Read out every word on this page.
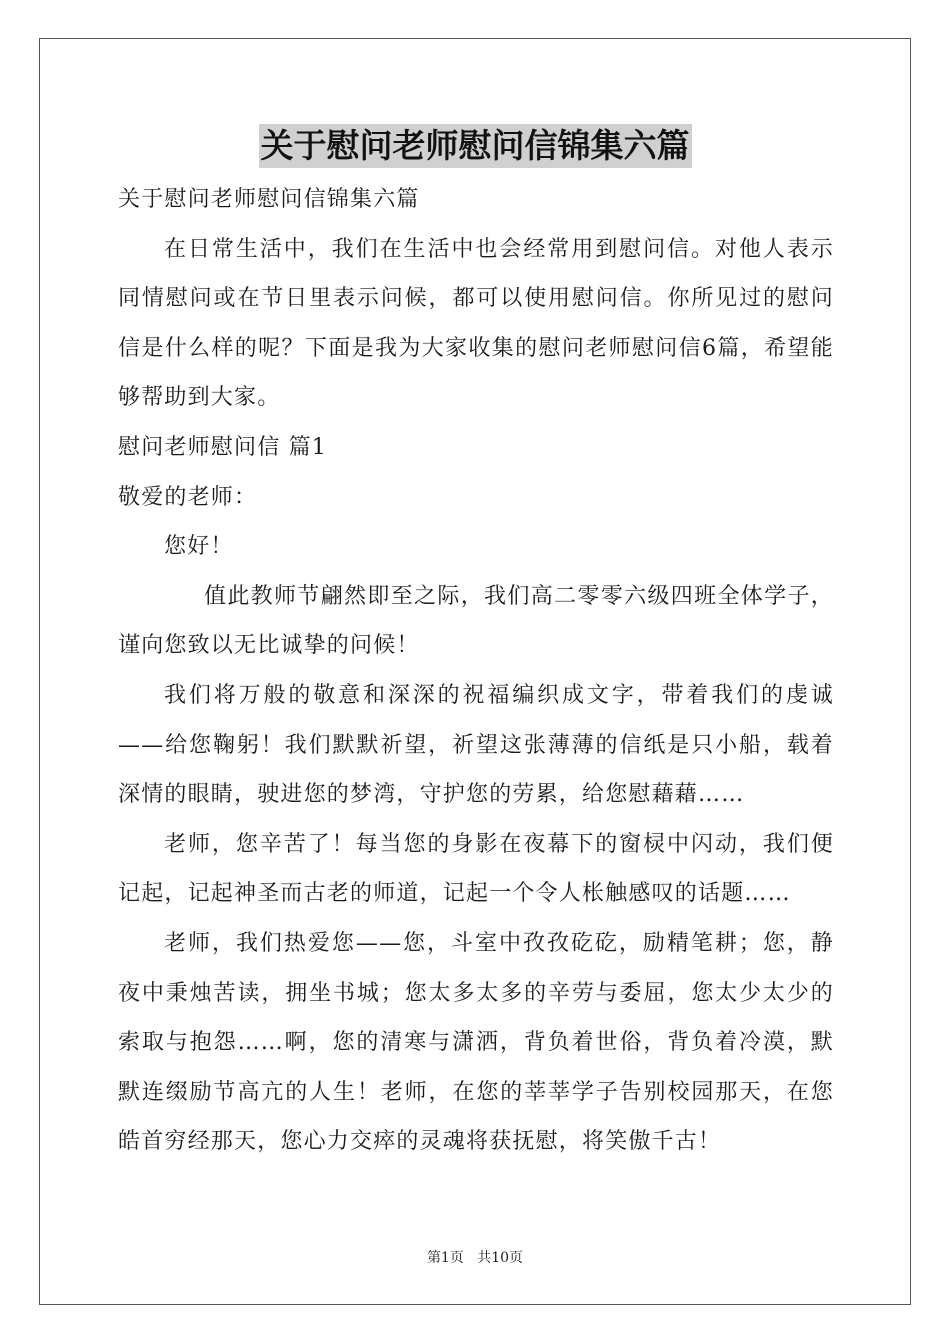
关于慰问老师慰问信锦集六篇

关于慰问老师慰问信锦集六篇

在日常生活中，我们在生活中也会经常用到慰问信。对他人表示同情慰问或在节日里表示问候，都可以使用慰问信。你所见过的慰问信是什么样的呢？下面是我为大家收集的慰问老师慰问信6篇，希望能够帮助到大家。

慰问老师慰问信 篇1

敬爱的老师：

您好！

值此教师节翩然即至之际，我们高二零零六级四班全体学子，谨向您致以无比诚挚的问候！

我们将万般的敬意和深深的祝福编织成文字，带着我们的虔诚——给您鞠躬！我们默默祈望，祈望这张薄薄的信纸是只小船，载着深情的眼睛，驶进您的梦湾，守护您的劳累，给您慰藉藉……

老师，您辛苦了！每当您的身影在夜幕下的窗棂中闪动，我们便记起，记起神圣而古老的师道，记起一个令人枨触感叹的话题……

老师，我们热爱您——您，斗室中孜孜矻矻，励精笔耕；您，静夜中秉烛苦读，拥坐书城；您太多太多的辛劳与委屈，您太少太少的索取与抱怨……啊，您的清寒与潇洒，背负着世俗，背负着冷漠，默默连缀励节高亢的人生！老师，在您的莘莘学子告别校园那天，在您皓首穷经那天，您心力交瘁的灵魂将获抚慰，将笑傲千古！

第1页 共10页
